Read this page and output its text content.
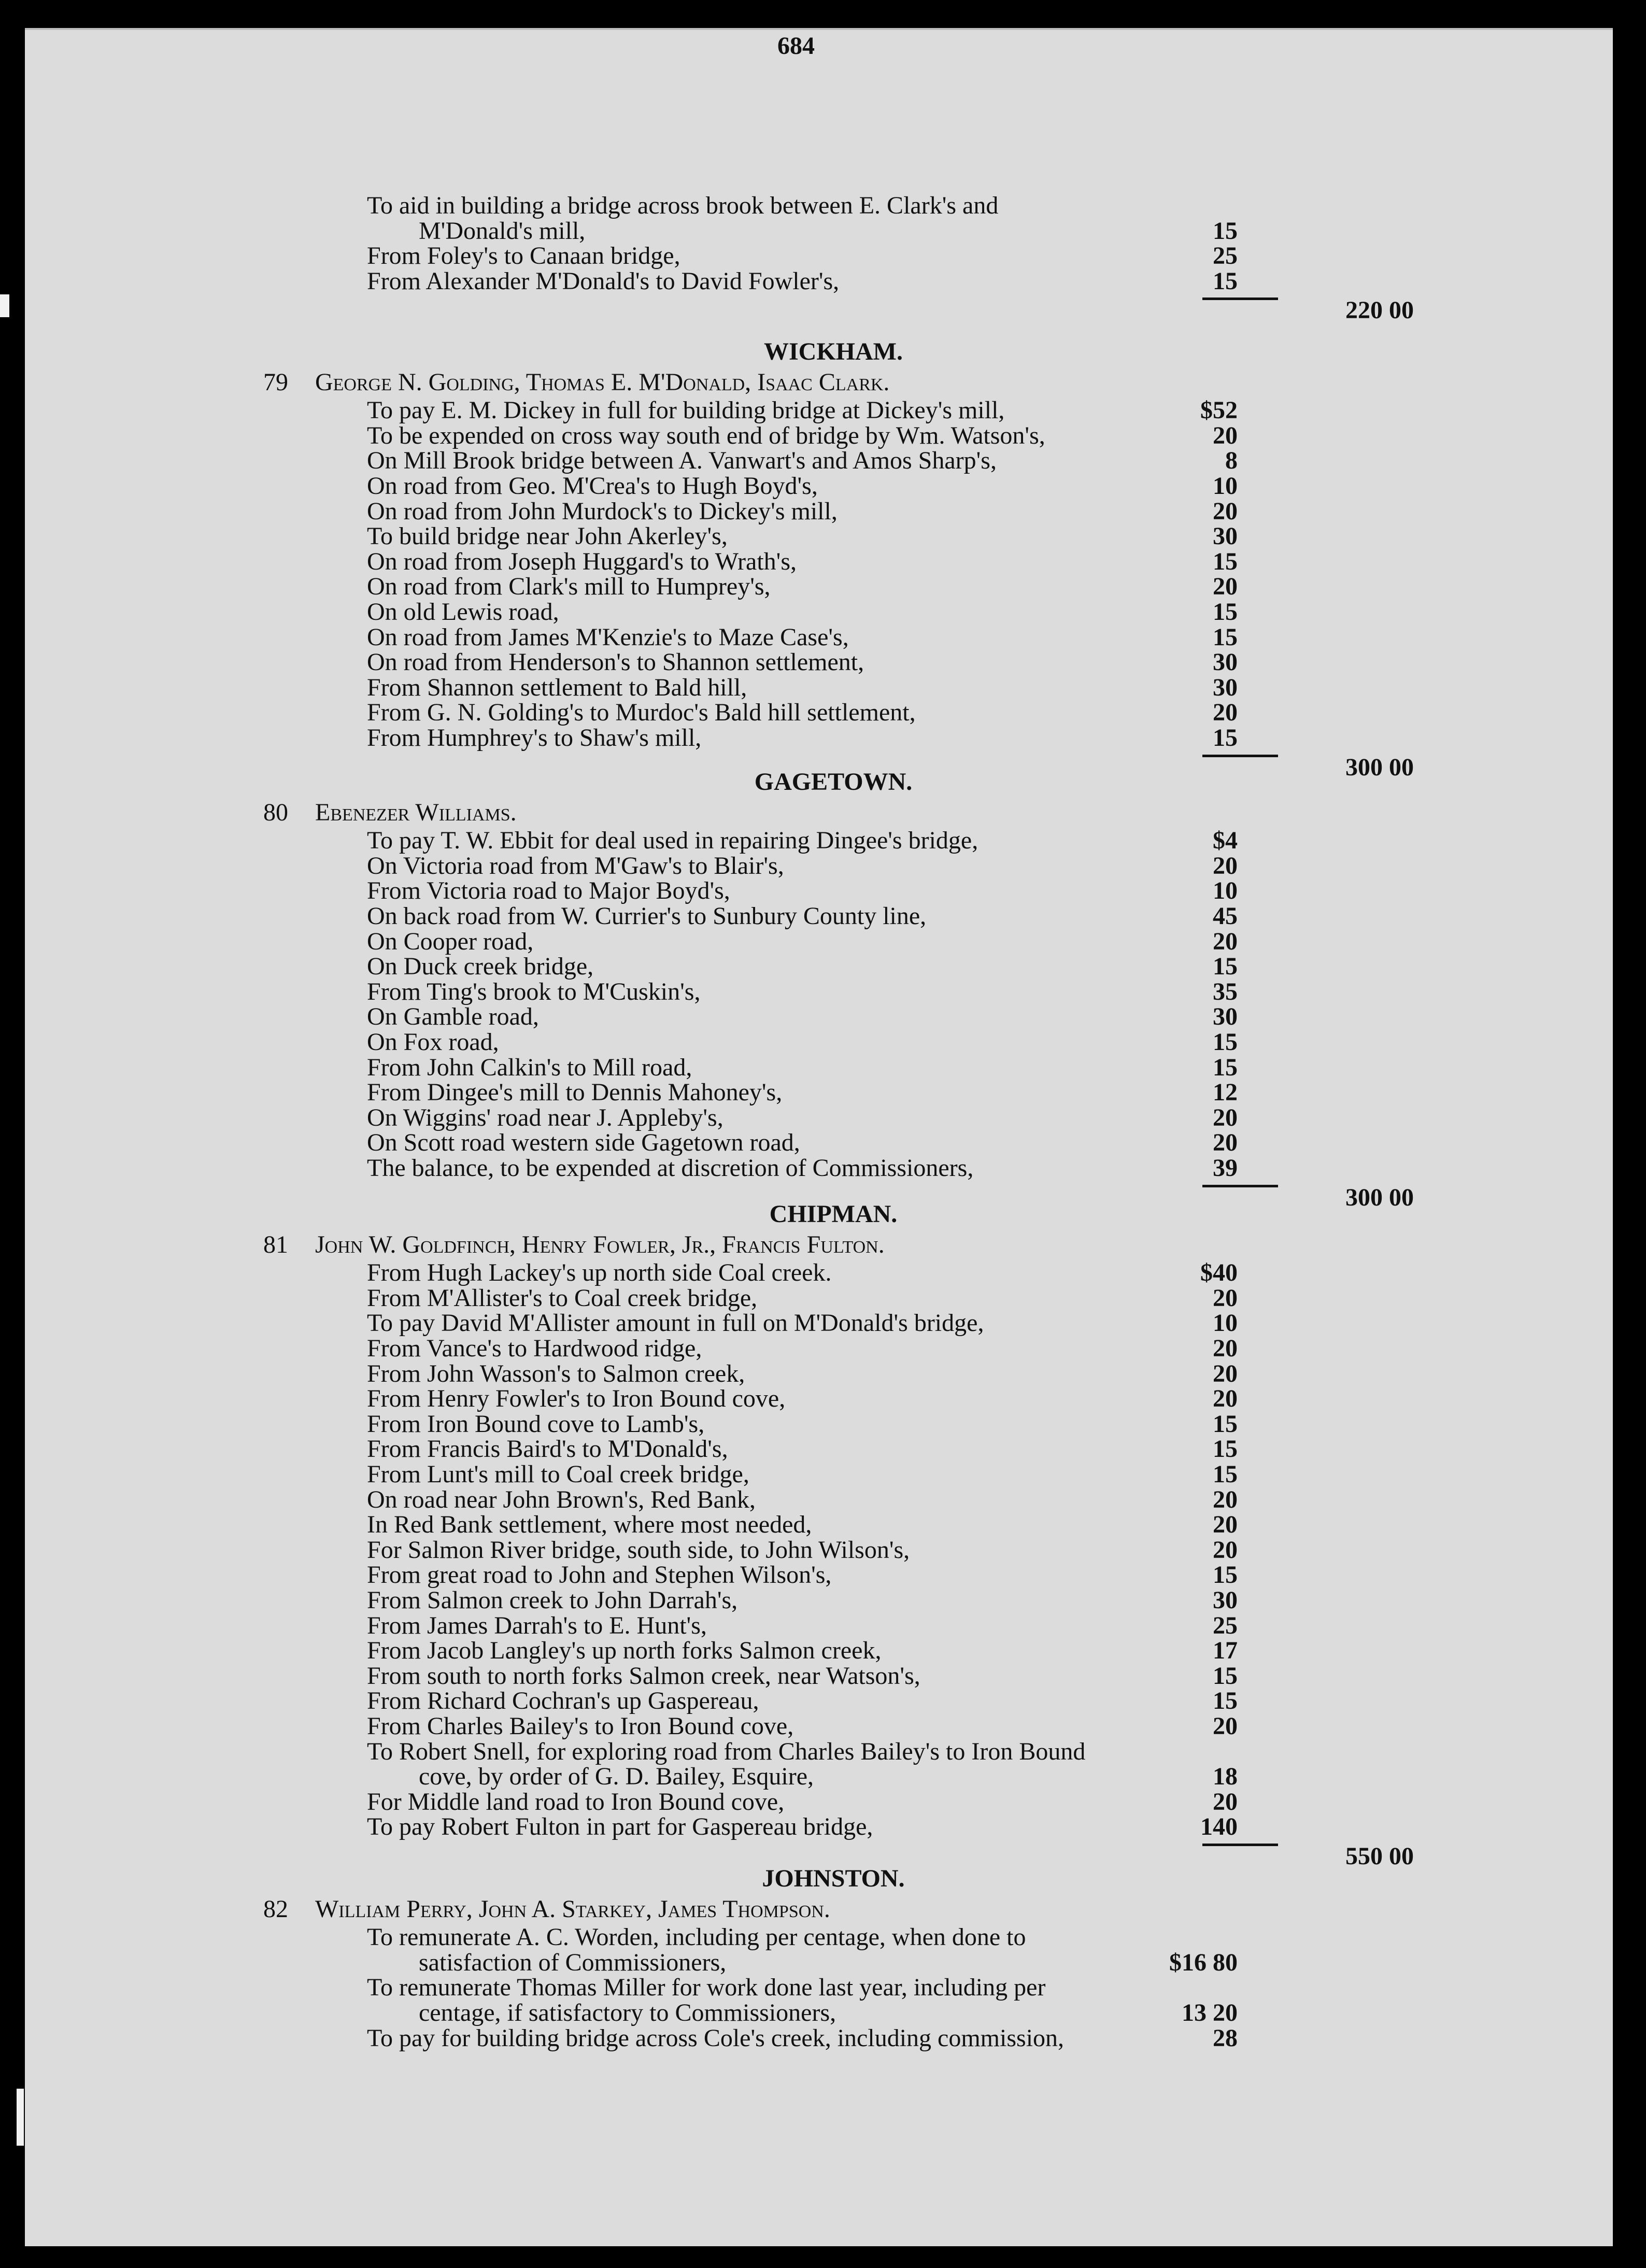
684
To aid in building a bridge across brook between E. Clark's and
M'Donald's mill,	15
From Foley's to Canaan bridge,	25
From Alexander M'Donald's to David Fowler's,	15
220 00
WICKHAM.
79 George N. Golding, Thomas E. M'Donald, Isaac Clark.
To pay E. M. Dickey in full for building bridge at Dickey's mill,	$52
To be expended on cross way south end of bridge by Wm. Watson's,	20
On Mill Brook bridge between A. Vanwart's and Amos Sharp's,	8
On road from Geo. M'Crea's to Hugh Boyd's,	10
On road from John Murdock's to Dickey's mill,	20
To build bridge near John Akerley's,	30
On road from Joseph Huggard's to Wrath's,	15
On road from Clark's mill to Humprey's,	20
On old Lewis road,	15
On road from James M'Kenzie's to Maze Case's,	15
On road from Henderson's to Shannon settlement,	30
From Shannon settlement to Bald hill,	30
From G. N. Golding's to Murdoc's Bald hill settlement,	20
From Humphrey's to Shaw's mill,	15
300 00
GAGETOWN.
80 Ebenezer Williams.
To pay T. W. Ebbit for deal used in repairing Dingee's bridge,	$4
On Victoria road from M'Gaw's to Blair's,	20
From Victoria road to Major Boyd's,	10
On back road from W. Currier's to Sunbury County line,	45
On Cooper road,	20
On Duck creek bridge,	15
From Ting's brook to M'Cuskin's,	35
On Gamble road,	30
On Fox road,	15
From John Calkin's to Mill road,	15
From Dingee's mill to Dennis Mahoney's,	12
On Wiggins' road near J. Appleby's,	20
On Scott road western side Gagetown road,	20
The balance, to be expended at discretion of Commissioners,	39
300 00
CHIPMAN.
81 John W. Goldfinch, Henry Fowler, Jr., Francis Fulton.
From Hugh Lackey's up north side Coal creek.	$40
From M'Allister's to Coal creek bridge,	20
To pay David M'Allister amount in full on M'Donald's bridge,	10
From Vance's to Hardwood ridge,	20
From John Wasson's to Salmon creek,	20
From Henry Fowler's to Iron Bound cove,	20
From Iron Bound cove to Lamb's,	15
From Francis Baird's to M'Donald's,	15
From Lunt's mill to Coal creek bridge,	15
On road near John Brown's, Red Bank,	20
In Red Bank settlement, where most needed,	20
For Salmon River bridge, south side, to John Wilson's,	20
From great road to John and Stephen Wilson's,	15
From Salmon creek to John Darrah's,	30
From James Darrah's to E. Hunt's,	25
From Jacob Langley's up north forks Salmon creek,	17
From south to north forks Salmon creek, near Watson's,	15
From Richard Cochran's up Gaspereau,	15
From Charles Bailey's to Iron Bound cove,	20
To Robert Snell, for exploring road from Charles Bailey's to Iron Bound
cove, by order of G. D. Bailey, Esquire,	18
For Middle land road to Iron Bound cove,	20
To pay Robert Fulton in part for Gaspereau bridge,	140
550 00
JOHNSTON.
82 William Perry, John A. Starkey, James Thompson.
To remunerate A. C. Worden, including per centage, when done to
satisfaction of Commissioners,	$16 80
To remunerate Thomas Miller for work done last year, including per
centage, if satisfactory to Commissioners,	13 20
To pay for building bridge across Cole's creek, including commission,	28
